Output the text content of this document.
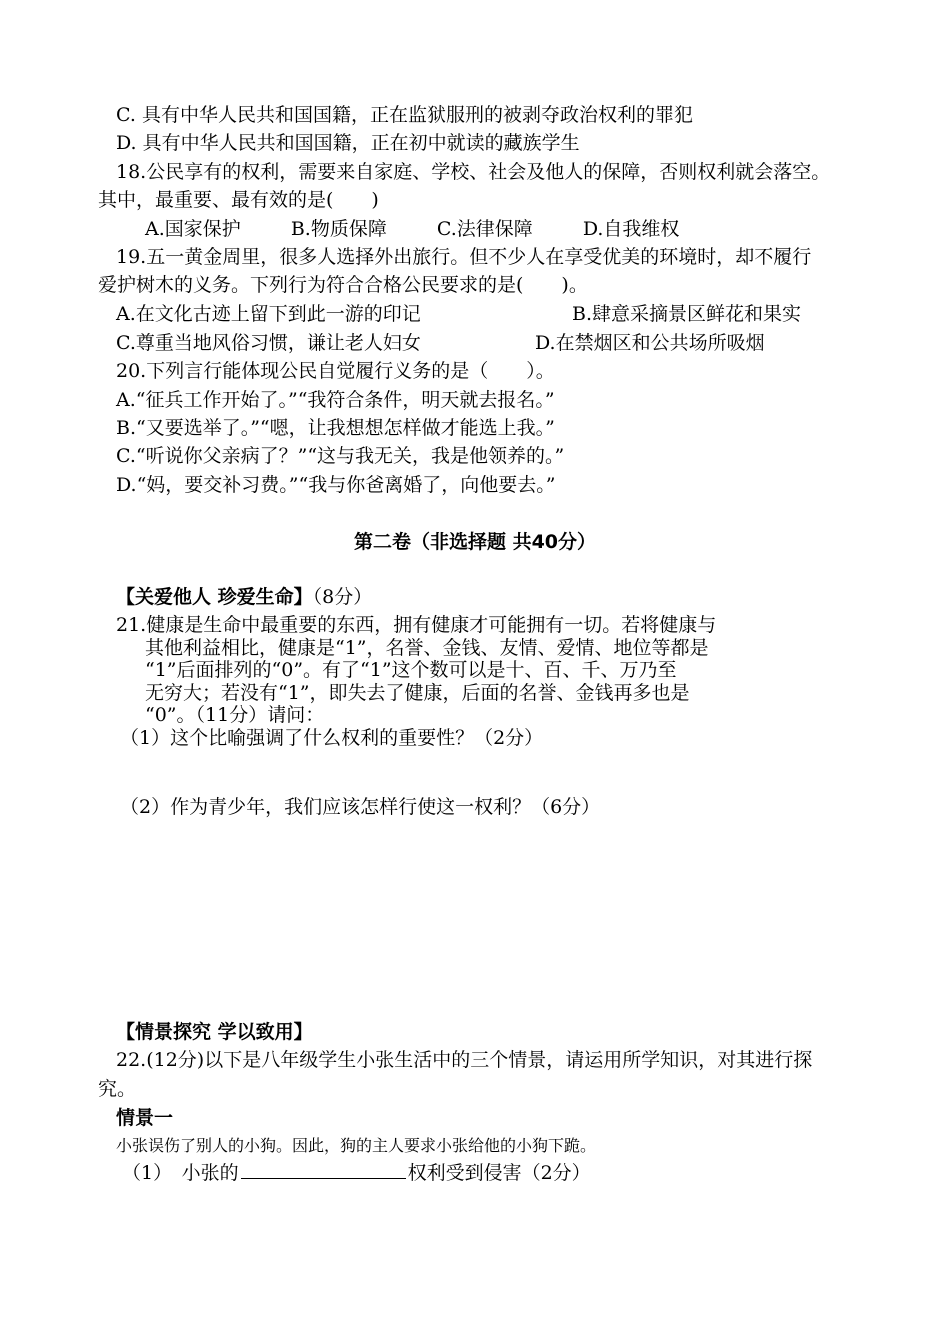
C. 具有中华人民共和国国籍，正在监狱服刑的被剥夺政治权利的罪犯
D. 具有中华人民共和国国籍，正在初中就读的藏族学生
18.公民享有的权利，需要来自家庭、学校、社会及他人的保障，否则权利就会落空。
其中，最重要、最有效的是(　　)
A.国家保护	B.物质保障	C.法律保障	D.自我维权
19.五一黄金周里，很多人选择外出旅行。但不少人在享受优美的环境时，却不履行
爱护树木的义务。下列行为符合合格公民要求的是(　　)。
A.在文化古迹上留下到此一游的印记	B.肆意采摘景区鲜花和果实
C.尊重当地风俗习惯，谦让老人妇女	D.在禁烟区和公共场所吸烟
20.下列言行能体现公民自觉履行义务的是（　　）。
A.“征兵工作开始了。”“我符合条件，明天就去报名。”
B.“又要选举了。”“嗯，让我想想怎样做才能选上我。”
C.“听说你父亲病了？”“这与我无关，我是他领养的。”
D.“妈，要交补习费。”“我与你爸离婚了，向他要去。”
第二卷（非选择题 共40分）
【关爱他人 珍爱生命】（8分）
21.健康是生命中最重要的东西，拥有健康才可能拥有一切。若将健康与
其他利益相比，健康是“1”，名誉、金钱、友情、爱情、地位等都是
“1”后面排列的“0”。有了“1”这个数可以是十、百、千、万乃至
无穷大；若没有“1”，即失去了健康，后面的名誉、金钱再多也是
“0”。（11分）请问：
（1）这个比喻强调了什么权利的重要性？（2分）
（2）作为青少年，我们应该怎样行使这一权利？（6分）
【情景探究 学以致用】
22.(12分)以下是八年级学生小张生活中的三个情景，请运用所学知识，对其进行探
究。
情景一
小张误伤了别人的小狗。因此，狗的主人要求小张给他的小狗下跪。
（1）　小张的	权利受到侵害（2分）
